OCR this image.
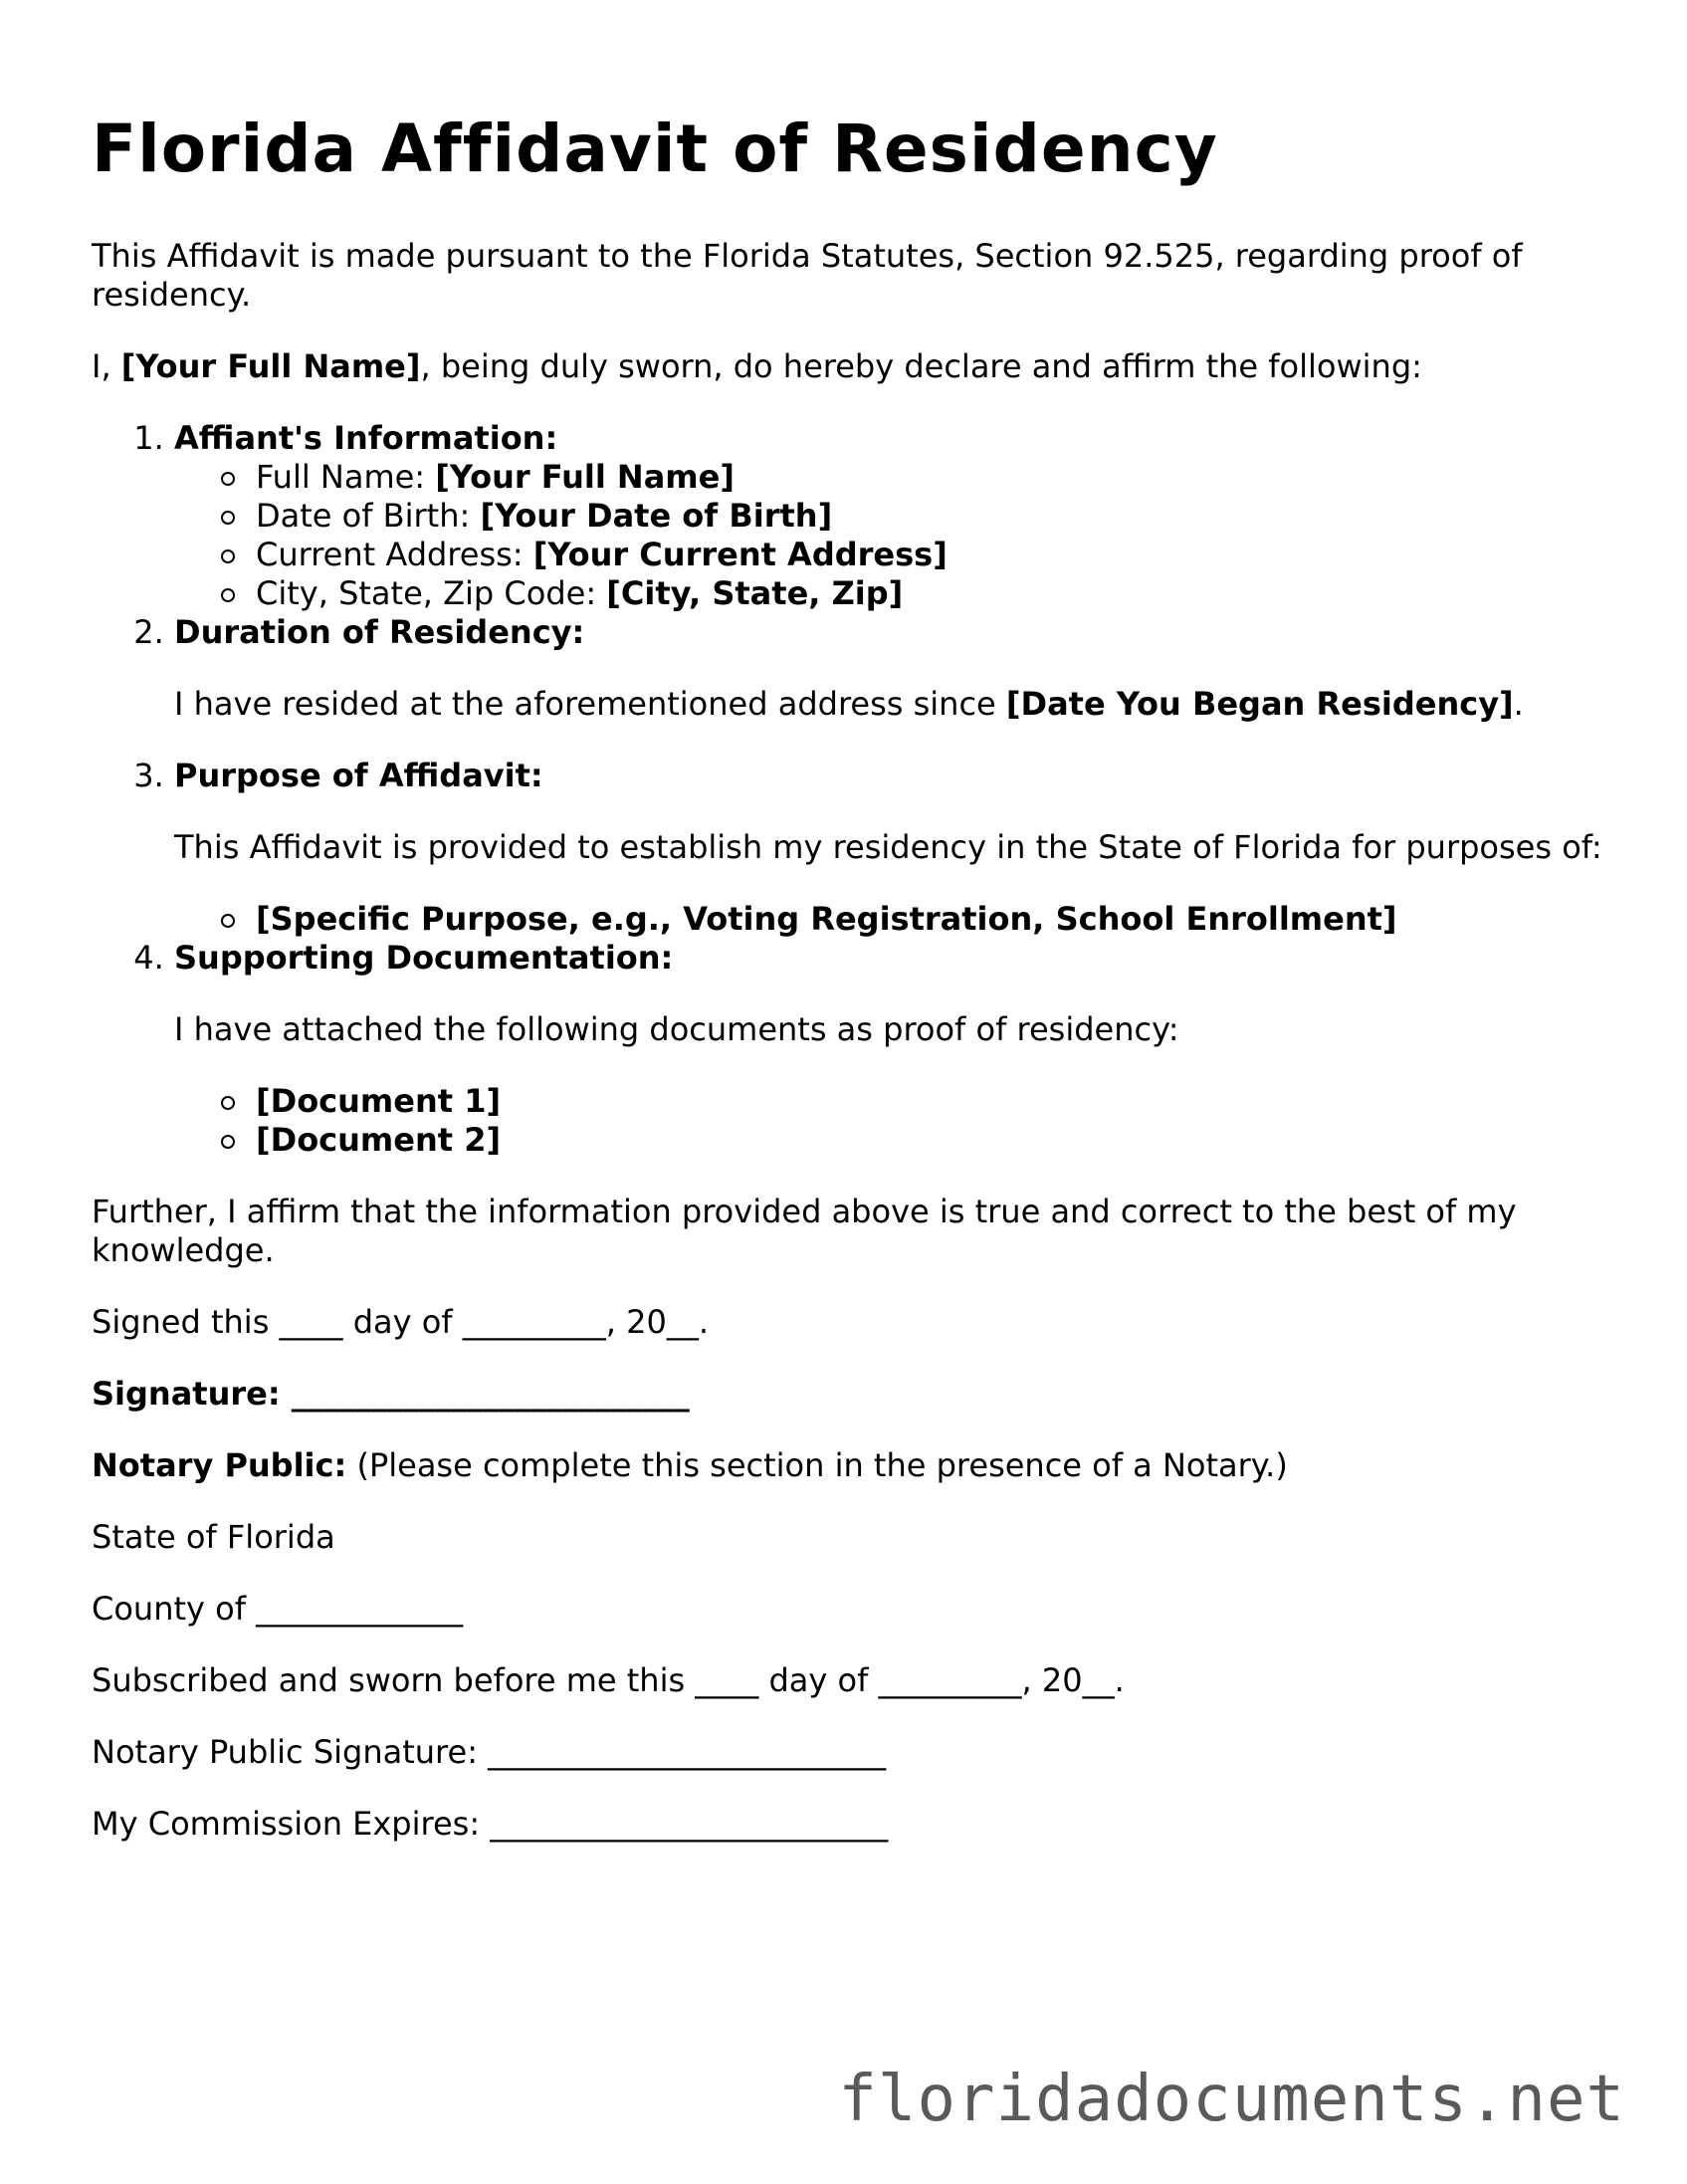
Florida Affidavit of Residency

This Affidavit is made pursuant to the Florida Statutes, Section 92.525, regarding proof of residency.

I, [Your Full Name], being duly sworn, do hereby declare and affirm the following:

1. Affiant's Information:
Full Name: [Your Full Name]
Date of Birth: [Your Date of Birth]
Current Address: [Your Current Address]
City, State, Zip Code: [City, State, Zip]
2. Duration of Residency:

I have resided at the aforementioned address since [Date You Began Residency].

3. Purpose of Affidavit:

This Affidavit is provided to establish my residency in the State of Florida for purposes of:

[Specific Purpose, e.g., Voting Registration, School Enrollment]
4. Supporting Documentation:

I have attached the following documents as proof of residency:

[Document 1]
[Document 2]

Further, I affirm that the information provided above is true and correct to the best of my knowledge.

Signed this ____ day of _________, 20__.

Signature: _________________________

Notary Public: (Please complete this section in the presence of a Notary.)

State of Florida

County of _____________

Subscribed and sworn before me this ____ day of _________, 20__.

Notary Public Signature: _________________________

My Commission Expires: _________________________

floridadocuments.net
